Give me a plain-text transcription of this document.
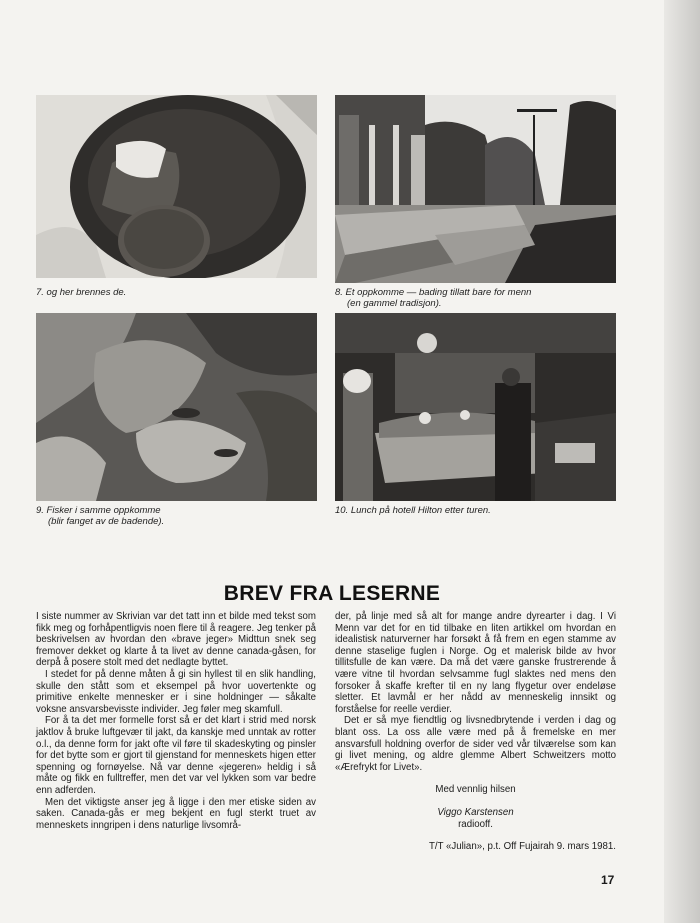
7. og her brennes de.	8. Et oppkomme — bading tillatt bare for menn

(en gammel tradisjon).

9. Fisker i samme oppkomme

(blir fanget av de badende).

10. Lunch på hotell Hilton etter turen.

BREV FRA LESERNE

I siste nummer av Skrivian var det tatt inn et bilde med tekst som fikk meg og forhåpentligvis noen flere til å reagere. Jeg tenker på beskrivelsen av hvordan den «brave jeger» Midttun snek seg fremover dekket og klarte å ta livet av denne canada-gåsen, for derpå å posere stolt med det nedlagte byttet.

I stedet for på denne måten å gi sin hyllest til en slik handling, skulle den stått som et eksempel på hvor uovertenkte og primitive enkelte mennesker er i sine holdninger — såkalte voksne ansvarsbevisste individer. Jeg føler meg skamfull.

For å ta det mer formelle forst så er det klart i strid med norsk jaktlov å bruke luftgevær til jakt, da kanskje med unntak av rotter o.l., da denne form for jakt ofte vil føre til skadeskyting og pinsler for det bytte som er gjort til gjenstand for menneskets higen etter spenning og fornøyelse. Nå var denne «jegeren» heldig i så måte og fikk en fulltreffer, men det var vel lykken som var bedre enn adferden.

Men det viktigste anser jeg å ligge i den mer etiske siden av saken. Canada-gås er meg bekjent en fugl sterkt truet av menneskets inngripen i dens naturlige livsområ-

der, på linje med så alt for mange andre dyrearter i dag. I Vi Menn var det for en tid tilbake en liten artikkel om hvordan en idealistisk naturverner har forsøkt å få frem en egen stamme av denne staselige fuglen i Norge. Og et malerisk bilde av hvor tillitsfulle de kan være. Da må det være ganske frustrerende å være vitne til hvordan selvsamme fugl slaktes ned mens den forsoker å skaffe krefter til en ny lang flygetur over endeløse sletter. Et lavmål er her nådd av menneskelig innsikt og forståelse for reelle verdier.

Det er så mye fiendtlig og livsnedbrytende i verden i dag og blant oss. La oss alle være med på å fremelske en mer ansvarsfull holdning overfor de sider ved vår tilværelse som kan gi livet mening, og aldre glemme Albert Schweitzers motto «Ærefrykt for Livet».

Med vennlig hilsen

Viggo Karstensen

radiooff.

T/T «Julian», p.t. Off Fujairah 9. mars 1981.

17
